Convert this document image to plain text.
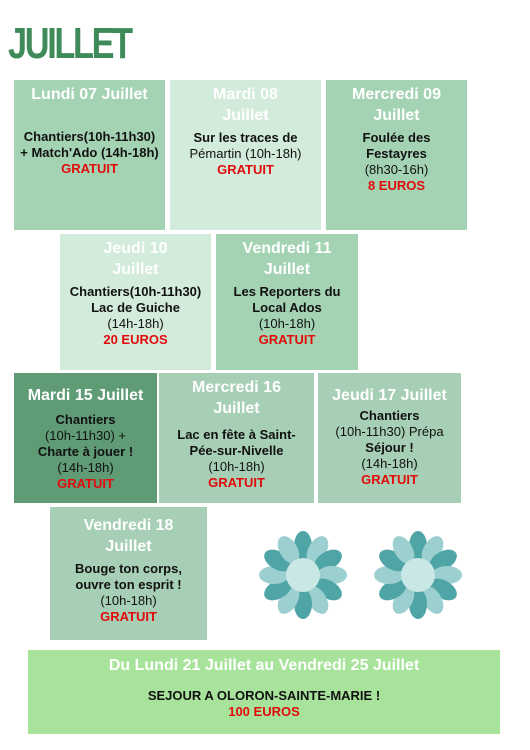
JUILLET
Lundi 07 Juillet
Chantiers(10h-11h30)
+ Match'Ado (14h-18h)
GRATUIT
Mardi 08 Juillet
Sur les traces de
Pémartin (10h-18h)
GRATUIT
Mercredi 09 Juillet
Foulée des
Festayres
(8h30-16h)
8 EUROS
Jeudi 10 Juillet
Chantiers(10h-11h30)
Lac de Guiche
(14h-18h)
20 EUROS
Vendredi 11 Juillet
Les Reporters du
Local Ados
(10h-18h)
GRATUIT
Mardi 15 Juillet
Chantiers
(10h-11h30) +
Charte à jouer !
(14h-18h)
GRATUIT
Mercredi 16 Juillet
Lac en fête à Saint-
Pée-sur-Nivelle
(10h-18h)
GRATUIT
Jeudi 17 Juillet
Chantiers
(10h-11h30) Prépa
Séjour !
(14h-18h)
GRATUIT
Vendredi 18 Juillet
Bouge ton corps,
ouvre ton esprit !
(10h-18h)
GRATUIT
Du Lundi 21 Juillet au Vendredi 25 Juillet
SEJOUR A OLORON-SAINTE-MARIE !
100 EUROS
